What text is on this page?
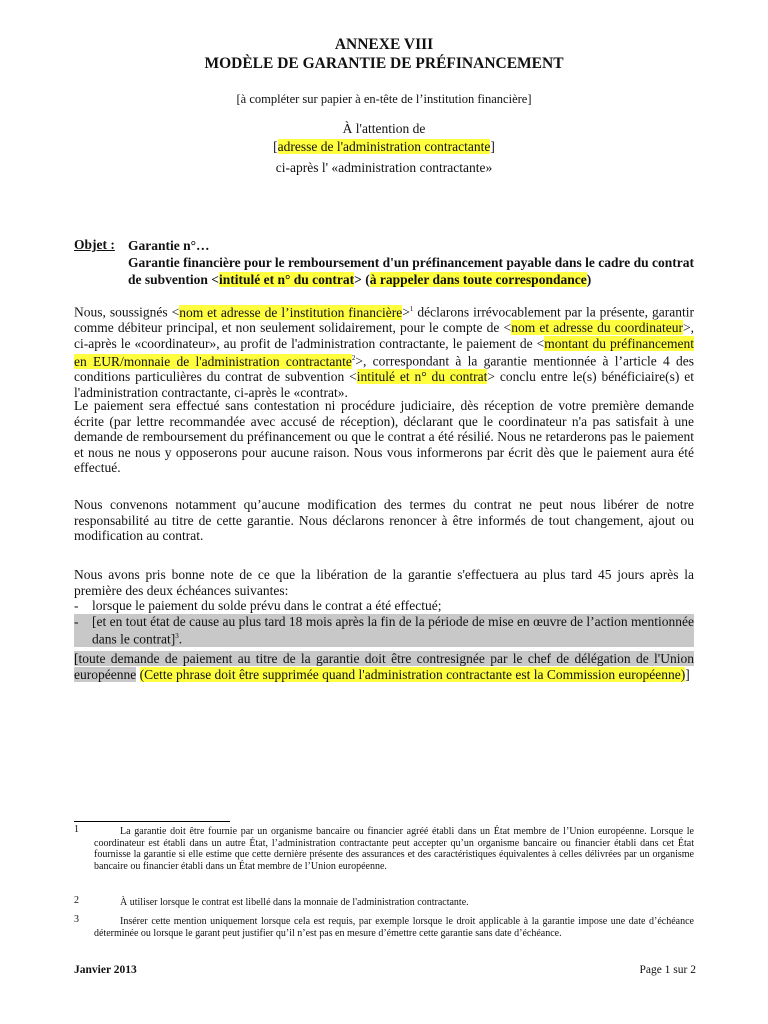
ANNEXE VIII
MODÈLE DE GARANTIE DE PRÉFINANCEMENT
[à compléter sur papier à en-tête de l’institution financière]
À l'attention de
[adresse de l'administration contractante]
ci-après l' «administration contractante»
Objet : Garantie n°…

Garantie financière pour le remboursement d'un préfinancement payable dans le cadre du contrat de subvention <intitulé et n° du contrat> (à rappeler dans toute correspondance)

Nous, soussignés <nom et adresse de l’institution financière>$^1$ déclarons irrévocablement par la présente, garantir comme débiteur principal, et non seulement solidairement, pour le compte de <nom et adresse du coordinateur>, ci-après le «coordinateur», au profit de l'administration contractante, le paiement de <montant du préfinancement en EUR/monnaie de l'administration contractante$^2$>, correspondant à la garantie mentionnée à l’article 4 des conditions particulières du contrat de subvention <intitulé et n° du contrat> conclu entre le(s) bénéficiaire(s) et l'administration contractante, ci-après le «contrat».

Le paiement sera effectué sans contestation ni procédure judiciaire, dès réception de votre première demande écrite (par lettre recommandée avec accusé de réception), déclarant que le coordinateur n'a pas satisfait à une demande de remboursement du préfinancement ou que le contrat a été résilié. Nous ne retarderons pas le paiement et nous ne nous y opposerons pour aucune raison. Nous vous informerons par écrit dès que le paiement aura été effectué.

Nous convenons notamment qu’aucune modification des termes du contrat ne peut nous libérer de notre responsabilité au titre de cette garantie. Nous déclarons renoncer à être informés de tout changement, ajout ou modification au contrat.

Nous avons pris bonne note de ce que la libération de la garantie s'effectuera au plus tard 45 jours après la première des deux échéances suivantes:

-	lorsque le paiement du solde prévu dans le contrat a été effectué;
-	[et en tout état de cause au plus tard 18 mois après la fin de la période de mise en œuvre de l’action mentionnée dans le contrat]$^3$.

[toute demande de paiement au titre de la garantie doit être contresignée par le chef de délégation de l'Union européenne (Cette phrase doit être supprimée quand l'administration contractante est la Commission européenne)]

1	La garantie doit être fournie par un organisme bancaire ou financier agréé établi dans un État membre de l’Union européenne. Lorsque le coordinateur est établi dans un autre État, l’administration contractante peut accepter qu’un organisme bancaire ou financier établi dans cet État fournisse la garantie si elle estime que cette dernière présente des assurances et des caractéristiques équivalentes à celles délivrées par un organisme bancaire ou financier établi dans un État membre de l’Union européenne.
2	À utiliser lorsque le contrat est libellé dans la monnaie de l'administration contractante.
3	Insérer cette mention uniquement lorsque cela est requis, par exemple lorsque le droit applicable à la garantie impose une date d’échéance déterminée ou lorsque le garant peut justifier qu’il n’est pas en mesure d’émettre cette garantie sans date d’échéance.
Janvier 2013	Page 1 sur 2
